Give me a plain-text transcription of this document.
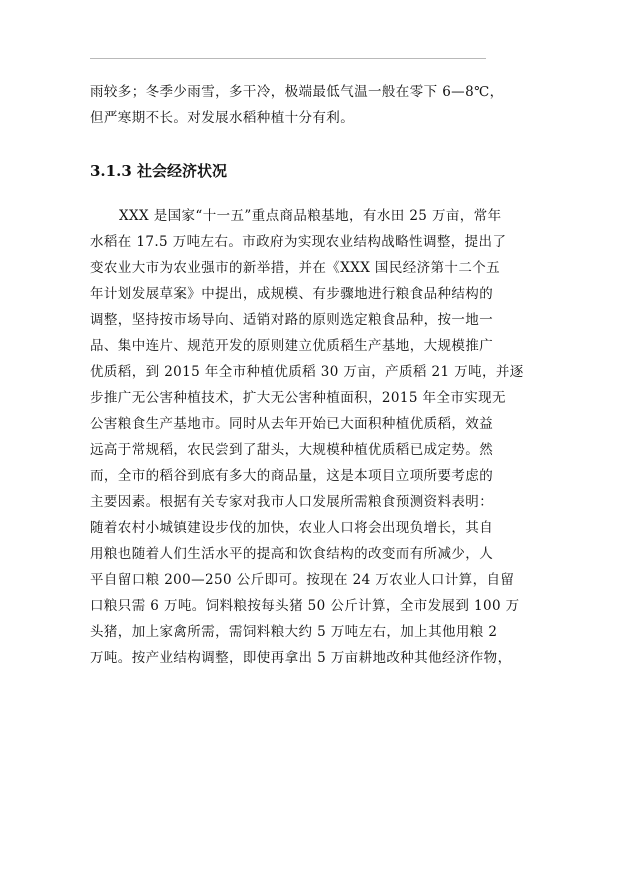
雨较多；冬季少雨雪，多干冷，极端最低气温一般在零下 6—8℃，
但严寒期不长。对发展水稻种植十分有利。

3.1.3 社会经济状况

XXX 是国家“十一五”重点商品粮基地，有水田 25 万亩，常年
水稻在 17.5 万吨左右。市政府为实现农业结构战略性调整，提出了
变农业大市为农业强市的新举措，并在《XXX 国民经济第十二个五
年计划发展草案》中提出，成规模、有步骤地进行粮食品种结构的
调整，坚持按市场导向、适销对路的原则选定粮食品种，按一地一
品、集中连片、规范开发的原则建立优质稻生产基地，大规模推广
优质稻，到 2015 年全市种植优质稻 30 万亩，产质稻 21 万吨，并逐
步推广无公害种植技术，扩大无公害种植面积，2015 年全市实现无
公害粮食生产基地市。同时从去年开始已大面积种植优质稻，效益
远高于常规稻，农民尝到了甜头，大规模种植优质稻已成定势。然
而，全市的稻谷到底有多大的商品量，这是本项目立项所要考虑的
主要因素。根据有关专家对我市人口发展所需粮食预测资料表明：
随着农村小城镇建设步伐的加快，农业人口将会出现负增长，其自
用粮也随着人们生活水平的提高和饮食结构的改变而有所减少，人
平自留口粮 200—250 公斤即可。按现在 24 万农业人口计算，自留
口粮只需 6 万吨。饲料粮按每头猪 50 公斤计算，全市发展到 100 万
头猪，加上家禽所需，需饲料粮大约 5 万吨左右，加上其他用粮 2
万吨。按产业结构调整，即使再拿出 5 万亩耕地改种其他经济作物，
